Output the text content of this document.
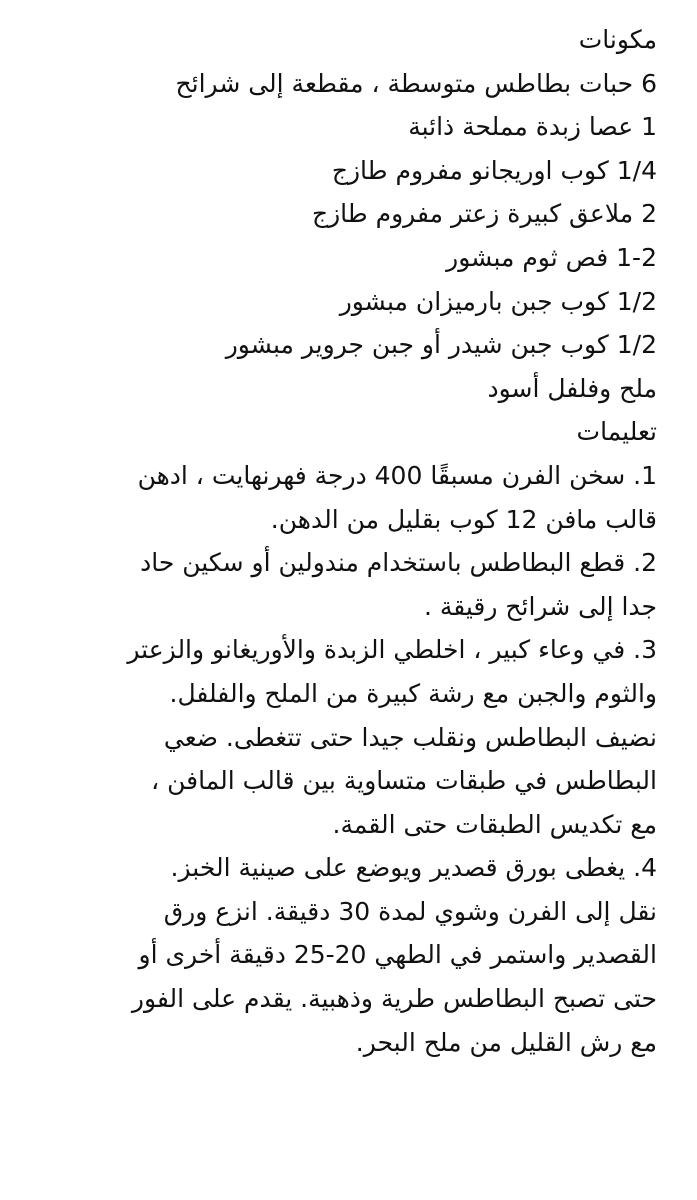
مكونات
6 حبات بطاطس متوسطة ، مقطعة إلى شرائح
1 عصا زبدة مملحة ذائبة
1/4 كوب اوريجانو مفروم طازج
2 ملاعق كبيرة زعتر مفروم طازج
1-2 فص ثوم مبشور
1/2 كوب جبن بارميزان مبشور
1/2 كوب جبن شيدر أو جبن جروير مبشور
ملح وفلفل أسود
تعليمات
1. سخن الفرن مسبقًا 400 درجة فهرنهايت ، ادهن
قالب مافن 12 كوب بقليل من الدهن.
2. قطع البطاطس باستخدام مندولين أو سكين حاد
جدا إلى شرائح رقيقة .
3. في وعاء كبير ، اخلطي الزبدة والأوريغانو والزعتر
والثوم والجبن مع رشة كبيرة من الملح والفلفل.
نضيف البطاطس ونقلب جيدا حتى تتغطى. ضعي
البطاطس في طبقات متساوية بين قالب المافن ،
مع تكديس الطبقات حتى القمة.
4. يغطى بورق قصدير ويوضع على صينية الخبز.
نقل إلى الفرن وشوي لمدة 30 دقيقة. انزع ورق
القصدير واستمر في الطهي 20-25 دقيقة أخرى أو
حتى تصبح البطاطس طرية وذهبية. يقدم على الفور
مع رش القليل من ملح البحر.
